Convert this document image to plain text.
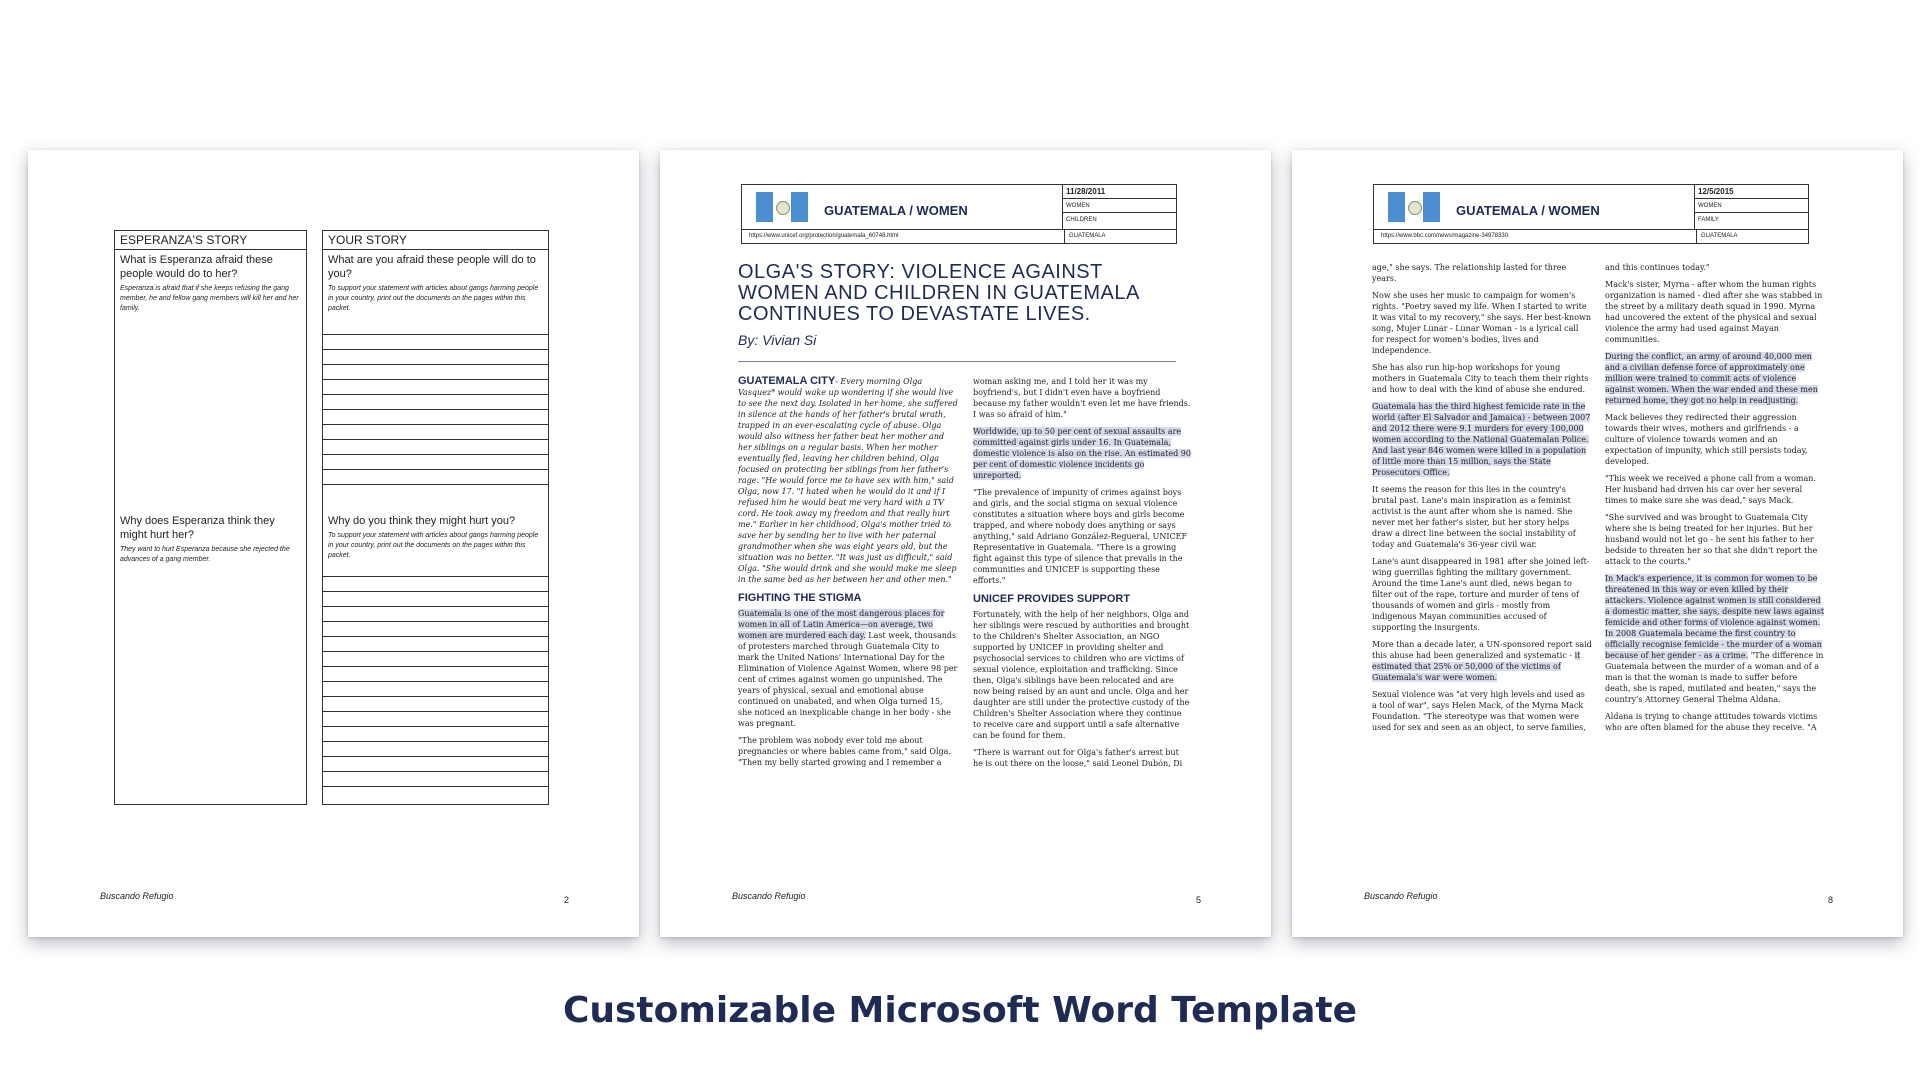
ESPERANZA'S STORY
What is Esperanza afraid these people would do to her?
Esperanza is afraid that if she keeps refusing the gang member, he and fellow gang members will kill her and her family.
Why does Esperanza think they might hurt her?
They want to hurt Esperanza because she rejected the advances of a gang member.
YOUR STORY
What are you afraid these people will do to you?
To support your statement with articles about gangs harming people in your country, print out the documents on the pages within this packet.
Why do you think they might hurt you?
To support your statement with articles about gangs harming people in your country, print out the documents on the pages within this packet.
Buscando Refugio	2
GUATEMALA / WOMEN
11/28/2011
WOMEN
CHILDREN
https://www.unicef.org/protection/guatemala_60748.html	GUATEMALA
OLGA'S STORY: VIOLENCE AGAINST WOMEN AND CHILDREN IN GUATEMALA CONTINUES TO DEVASTATE LIVES.
By: Vivian Si

GUATEMALA CITY- Every morning Olga Vasquez* would wake up wondering if she would live to see the next day. Isolated in her home, she suffered in silence at the hands of her father's brutal wrath, trapped in an ever-escalating cycle of abuse. Olga would also witness her father beat her mother and her siblings on a regular basis. When her mother eventually fled, leaving her children behind, Olga focused on protecting her siblings from her father's rage. "He would force me to have sex with him," said Olga, now 17. "I hated when he would do it and if I refused him he would beat me very hard with a TV cord. He took away my freedom and that really hurt me." Earlier in her childhood, Olga's mother tried to save her by sending her to live with her paternal grandmother when she was eight years old, but the situation was no better. "It was just as difficult," said Olga. "She would drink and she would make me sleep in the same bed as her between her and other men."

FIGHTING THE STIGMA

Guatemala is one of the most dangerous places for women in all of Latin America—on average, two women are murdered each day. Last week, thousands of protesters marched through Guatemala City to mark the United Nations' International Day for the Elimination of Violence Against Women, where 98 per cent of crimes against women go unpunished. The years of physical, sexual and emotional abuse continued on unabated, and when Olga turned 15, she noticed an inexplicable change in her body - she was pregnant.

"The problem was nobody ever told me about pregnancies or where babies came from," said Olga. "Then my belly started growing and I remember a

woman asking me, and I told her it was my boyfriend's, but I didn't even have a boyfriend because my father wouldn't even let me have friends. I was so afraid of him."

Worldwide, up to 50 per cent of sexual assaults are committed against girls under 16. In Guatemala, domestic violence is also on the rise. An estimated 90 per cent of domestic violence incidents go unreported.

"The prevalence of impunity of crimes against boys and girls, and the social stigma on sexual violence constitutes a situation where boys and girls become trapped, and where nobody does anything or says anything," said Adriano González-Regueral, UNICEF Representative in Guatemala. "There is a growing fight against this type of silence that prevails in the communities and UNICEF is supporting these efforts."

UNICEF PROVIDES SUPPORT

Fortunately, with the help of her neighbors, Olga and her siblings were rescued by authorities and brought to the Children's Shelter Association, an NGO supported by UNICEF in providing shelter and psychosocial services to children who are victims of sexual violence, exploitation and trafficking. Since then, Olga's siblings have been relocated and are now being raised by an aunt and uncle. Olga and her daughter are still under the protective custody of the Children's Shelter Association where they continue to receive care and support until a safe alternative can be found for them.

"There is warrant out for Olga's father's arrest but he is out there on the loose," said Leonel Dubón, Di

Buscando Refugio	5
GUATEMALA / WOMEN
12/5/2015
WOMEN
FAMILY
https://www.bbc.com/news/magazine-34978330.	GUATEMALA

age," she says. The relationship lasted for three years.

Now she uses her music to campaign for women's rights. "Poetry saved my life. When I started to write it was vital to my recovery," she says. Her best-known song, Mujer Lunar - Lunar Woman - is a lyrical call for respect for women's bodies, lives and independence.

She has also run hip-hop workshops for young mothers in Guatemala City to teach them their rights and how to deal with the kind of abuse she endured.

Guatemala has the third highest femicide rate in the world (after El Salvador and Jamaica) - between 2007 and 2012 there were 9.1 murders for every 100,000 women according to the National Guatemalan Police. And last year 846 women were killed in a population of little more than 15 million, says the State Prosecutors Office.

It seems the reason for this lies in the country's brutal past. Lane's main inspiration as a feminist activist is the aunt after whom she is named. She never met her father's sister, but her story helps draw a direct line between the social instability of today and Guatemala's 36-year civil war.

Lane's aunt disappeared in 1981 after she joined left-wing guerrillas fighting the military government. Around the time Lane's aunt died, news began to filter out of the rape, torture and murder of tens of thousands of women and girls - mostly from indigenous Mayan communities accused of supporting the insurgents.

More than a decade later, a UN-sponsored report said this abuse had been generalized and systematic - it estimated that 25% or 50,000 of the victims of Guatemala's war were women.

Sexual violence was "at very high levels and used as a tool of war", says Helen Mack, of the Myrna Mack Foundation. "The stereotype was that women were used for sex and seen as an object, to serve families,

and this continues today."

Mack's sister, Myrna - after whom the human rights organization is named - died after she was stabbed in the street by a military death squad in 1990. Myrna had uncovered the extent of the physical and sexual violence the army had used against Mayan communities.

During the conflict, an army of around 40,000 men and a civilian defense force of approximately one million were trained to commit acts of violence against women. When the war ended and these men returned home, they got no help in readjusting.

Mack believes they redirected their aggression towards their wives, mothers and girlfriends - a culture of violence towards women and an expectation of impunity, which still persists today, developed.

"This week we received a phone call from a woman. Her husband had driven his car over her several times to make sure she was dead," says Mack.

"She survived and was brought to Guatemala City where she is being treated for her injuries. But her husband would not let go - he sent his father to her bedside to threaten her so that she didn't report the attack to the courts."

In Mack's experience, it is common for women to be threatened in this way or even killed by their attackers. Violence against women is still considered a domestic matter, she says, despite new laws against femicide and other forms of violence against women. In 2008 Guatemala became the first country to officially recognise femicide - the murder of a woman because of her gender - as a crime. "The difference in Guatemala between the murder of a woman and of a man is that the woman is made to suffer before death, she is raped, mutilated and beaten," says the country's Attorney General Thelma Aldana.

Aldana is trying to change attitudes towards victims who are often blamed for the abuse they receive. "A

Buscando Refugio	8
Customizable Microsoft Word Template
